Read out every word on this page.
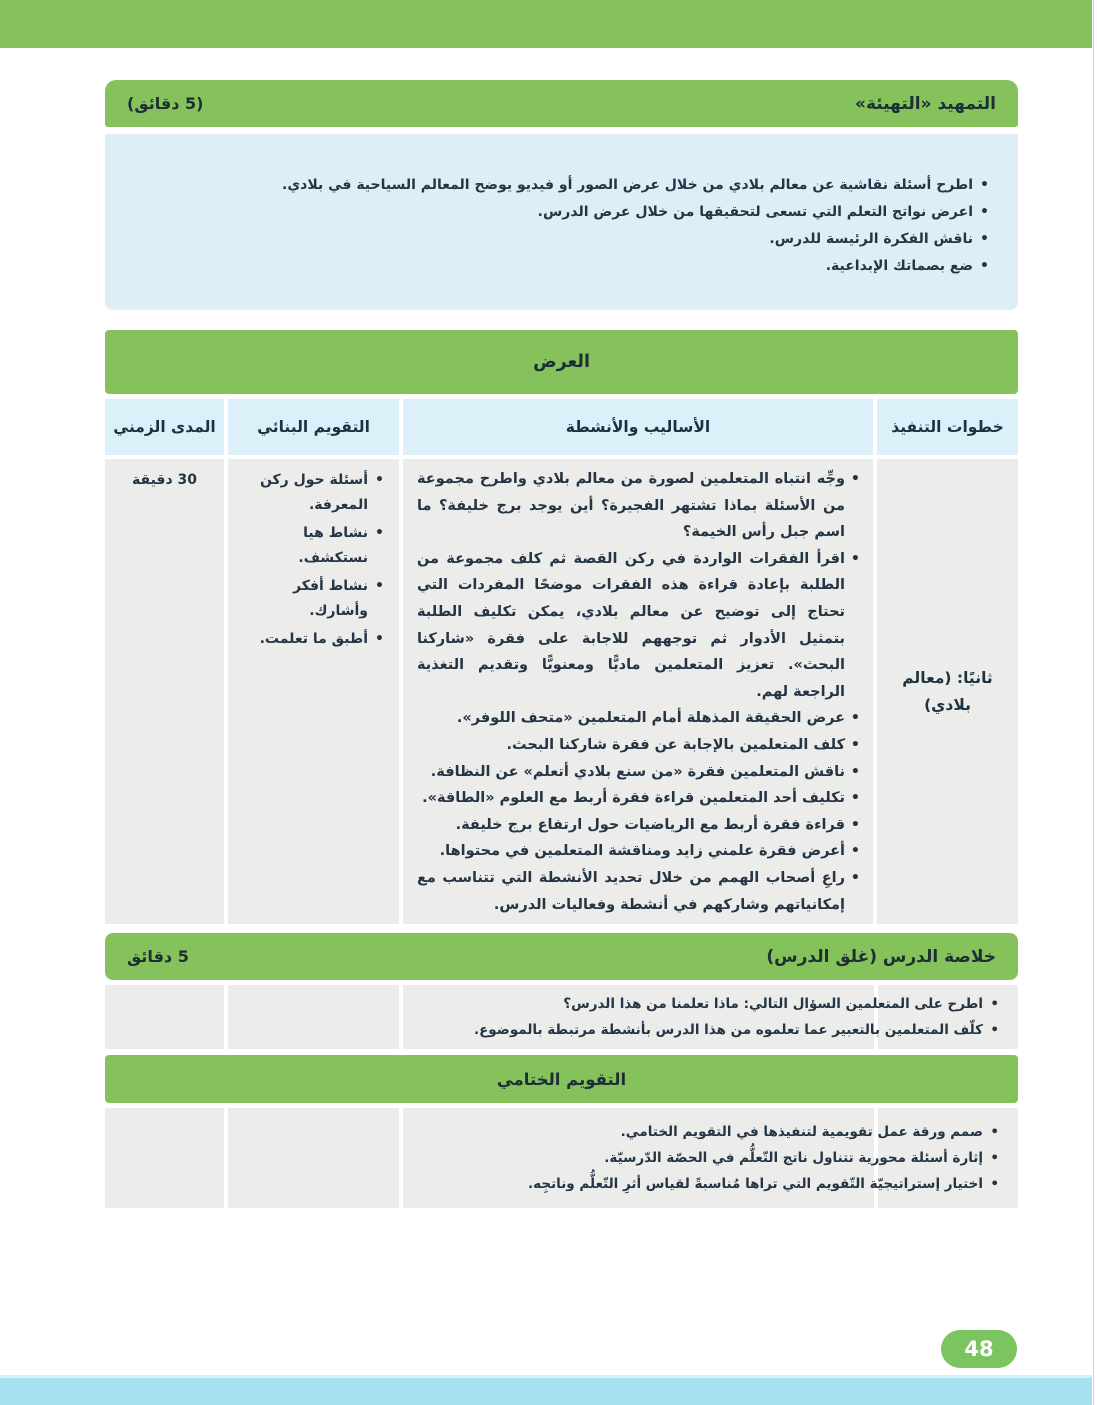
التمهيد «التهيئة»
(5 دقائق)
• اطرح أسئلة نقاشية عن معالم بلادي من خلال عرض الصور أو فيديو يوضح المعالم السياحية في بلادي.
• اعرض نواتج التعلم التي تسعى لتحقيقها من خلال عرض الدرس.
• ناقش الفكرة الرئيسة للدرس.
• ضع بصماتك الإبداعية.
العرض
خطوات التنفيذ
الأساليب والأنشطة
التقويم البنائي
المدى الزمني
ثانيًا: (معالم بلادي)
• وجِّه انتباه المتعلمين لصورة من معالم بلادي واطرح مجموعة من الأسئلة بماذا تشتهر الفجيرة؟ أين يوجد برج خليفة؟ ما اسم جبل رأس الخيمة؟
• اقرأ الفقرات الواردة في ركن القصة ثم كلف مجموعة من الطلبة بإعادة قراءة هذه الفقرات موضحًا المفردات التي تحتاج إلى توضيح عن معالم بلادي، يمكن تكليف الطلبة بتمثيل الأدوار ثم توجههم للاجابة على فقرة «شاركنا البحث». تعزيز المتعلمين ماديًّا ومعنويًّا وتقديم التغذية الراجعة لهم.
• عرض الحقيقة المذهلة أمام المتعلمين «متحف اللوفر».
• كلف المتعلمين بالإجابة عن فقرة شاركنا البحث.
• ناقش المتعلمين فقرة «من سنع بلادي أتعلم» عن النظافة.
• تكليف أحد المتعلمين قراءة فقرة أربط مع العلوم «الطاقة».
• قراءة فقرة أربط مع الرياضيات حول ارتفاع برج خليفة.
• أعرض فقرة علمني زايد ومناقشة المتعلمين في محتواها.
• راعِ أصحاب الهمم من خلال تحديد الأنشطة التي تتناسب مع إمكانياتهم وشاركهم في أنشطة وفعاليات الدرس.
• أسئلة حول ركن المعرفة.
• نشاط هيا نستكشف.
• نشاط أفكر وأشارك.
• أطبق ما تعلمت.
30 دقيقة
خلاصة الدرس (غلق الدرس)
5 دقائق
• اطرح على المتعلمين السؤال التالي: ماذا تعلمنا من هذا الدرس؟
• كلّف المتعلمين بالتعبير عما تعلموه من هذا الدرس بأنشطة مرتبطة بالموضوع.
التقويم الختامي
• صمم ورقة عمل تقويمية لتنفيذها في التقويم الختامي.
• إثارة أسئلة محورية تتناول ناتج التّعلُّم في الحصّة الدّرسيّة.
• اختيار إستراتيجيّة التّقويم التي تراها مُناسبةً لقياس أثرِ التّعلُّم وناتجِه.
48
